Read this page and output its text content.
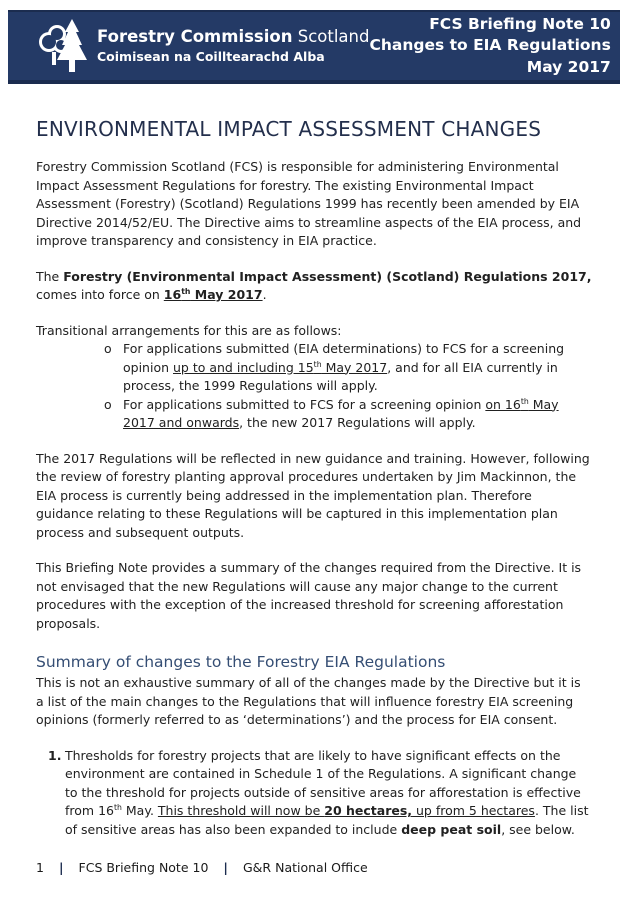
Forestry Commission Scotland
Coimisean na Coilltearachd Alba
FCS Briefing Note 10
Changes to EIA Regulations
May 2017
ENVIRONMENTAL IMPACT ASSESSMENT CHANGES

Forestry Commission Scotland (FCS) is responsible for administering Environmental Impact Assessment Regulations for forestry. The existing Environmental Impact Assessment (Forestry) (Scotland) Regulations 1999 has recently been amended by EIA Directive 2014/52/EU. The Directive aims to streamline aspects of the EIA process, and improve transparency and consistency in EIA practice.

The Forestry (Environmental Impact Assessment) (Scotland) Regulations 2017, comes into force on 16th May 2017.

Transitional arrangements for this are as follows:

o For applications submitted (EIA determinations) to FCS for a screening opinion up to and including 15th May 2017, and for all EIA currently in process, the 1999 Regulations will apply.
o For applications submitted to FCS for a screening opinion on 16th May 2017 and onwards, the new 2017 Regulations will apply.

The 2017 Regulations will be reflected in new guidance and training. However, following the review of forestry planting approval procedures undertaken by Jim Mackinnon, the EIA process is currently being addressed in the implementation plan. Therefore guidance relating to these Regulations will be captured in this implementation plan process and subsequent outputs.

This Briefing Note provides a summary of the changes required from the Directive. It is not envisaged that the new Regulations will cause any major change to the current procedures with the exception of the increased threshold for screening afforestation proposals.

Summary of changes to the Forestry EIA Regulations

This is not an exhaustive summary of all of the changes made by the Directive but it is a list of the main changes to the Regulations that will influence forestry EIA screening opinions (formerly referred to as ‘determinations’) and the process for EIA consent.

1. Thresholds for forestry projects that are likely to have significant effects on the environment are contained in Schedule 1 of the Regulations. A significant change to the threshold for projects outside of sensitive areas for afforestation is effective from 16th May. This threshold will now be 20 hectares, up from 5 hectares. The list of sensitive areas has also been expanded to include deep peat soil, see below.
1 | FCS Briefing Note 10 | G&R National Office
